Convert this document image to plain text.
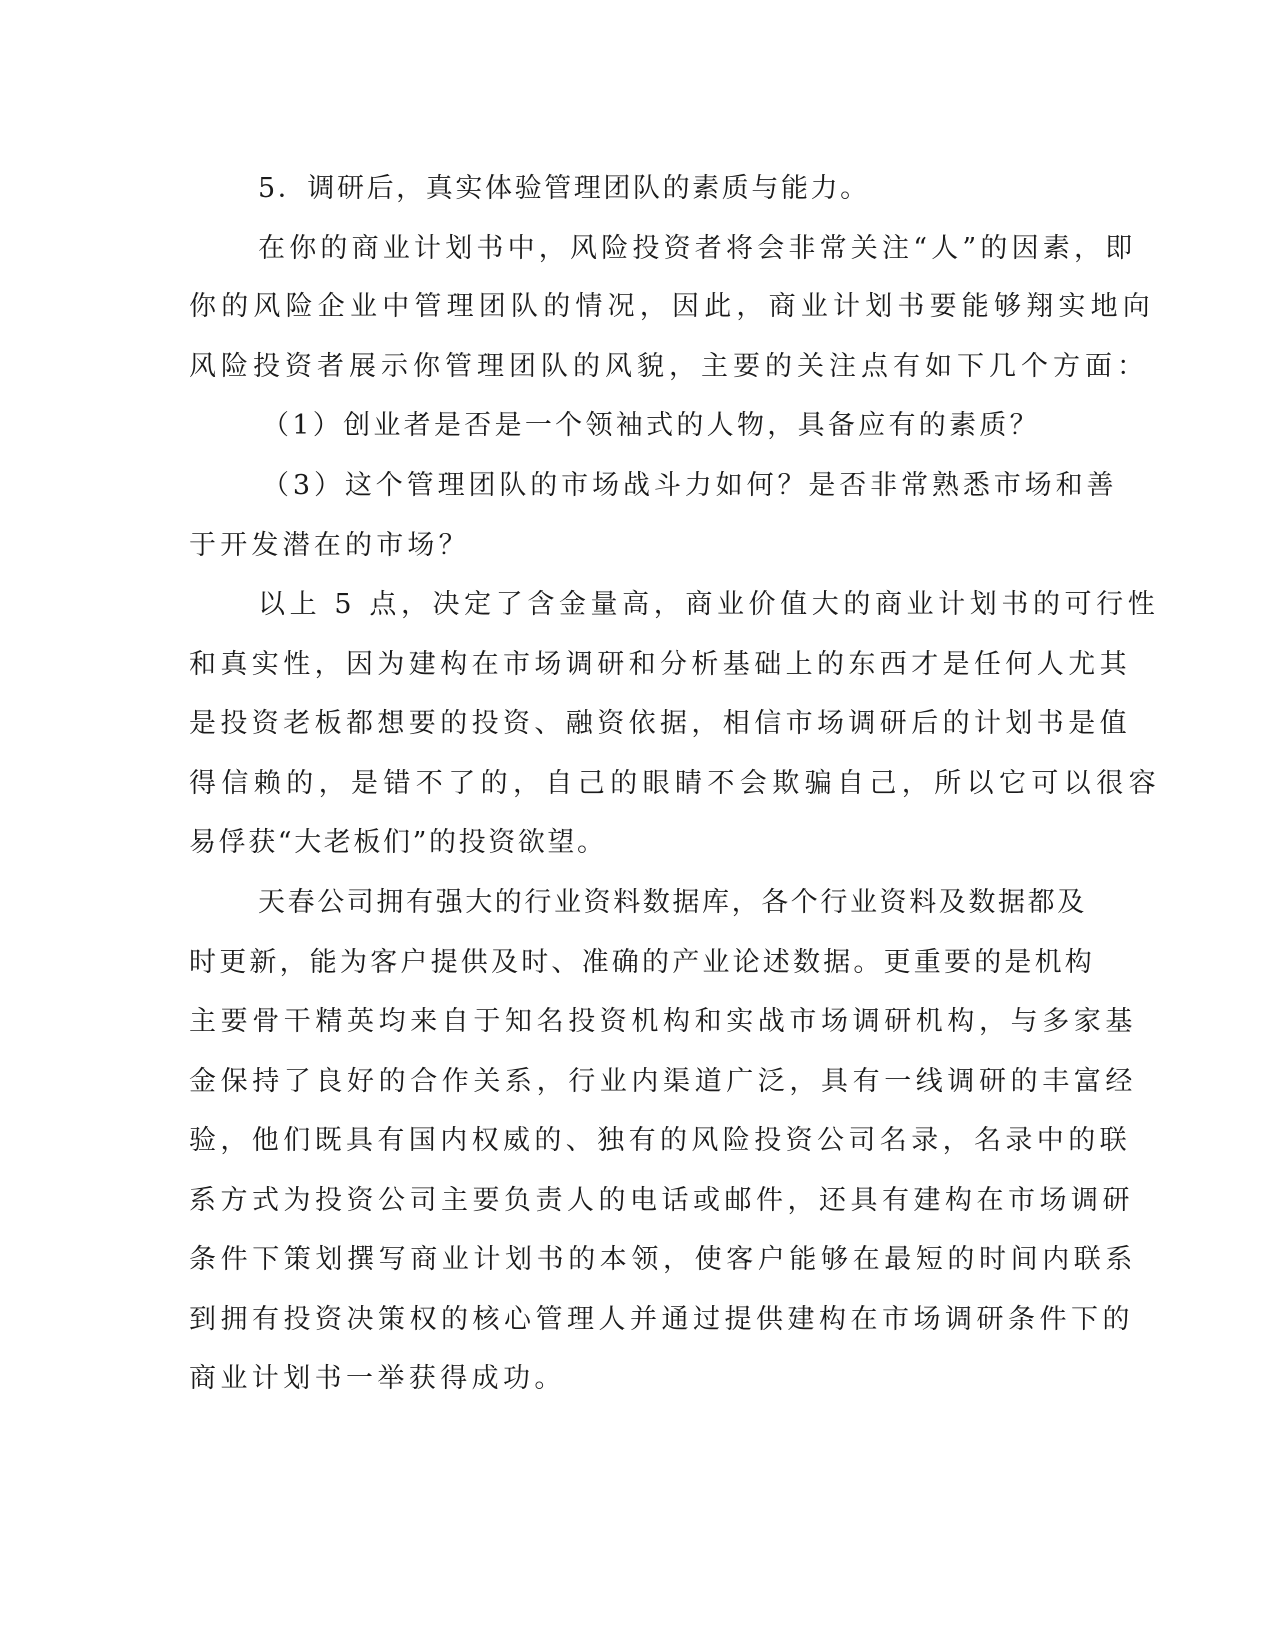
5．调研后，真实体验管理团队的素质与能力。
在你的商业计划书中，风险投资者将会非常关注“人”的因素，即
你的风险企业中管理团队的情况，因此，商业计划书要能够翔实地向
风险投资者展示你管理团队的风貌，主要的关注点有如下几个方面：
（1）创业者是否是一个领袖式的人物，具备应有的素质？
（3）这个管理团队的市场战斗力如何？是否非常熟悉市场和善
于开发潜在的市场？
以上 5 点，决定了含金量高，商业价值大的商业计划书的可行性
和真实性，因为建构在市场调研和分析基础上的东西才是任何人尤其
是投资老板都想要的投资、融资依据，相信市场调研后的计划书是值
得信赖的，是错不了的，自己的眼睛不会欺骗自己，所以它可以很容
易俘获“大老板们”的投资欲望。
天春公司拥有强大的行业资料数据库，各个行业资料及数据都及
时更新，能为客户提供及时、准确的产业论述数据。更重要的是机构
主要骨干精英均来自于知名投资机构和实战市场调研机构，与多家基
金保持了良好的合作关系，行业内渠道广泛，具有一线调研的丰富经
验，他们既具有国内权威的、独有的风险投资公司名录，名录中的联
系方式为投资公司主要负责人的电话或邮件，还具有建构在市场调研
条件下策划撰写商业计划书的本领，使客户能够在最短的时间内联系
到拥有投资决策权的核心管理人并通过提供建构在市场调研条件下的
商业计划书一举获得成功。
